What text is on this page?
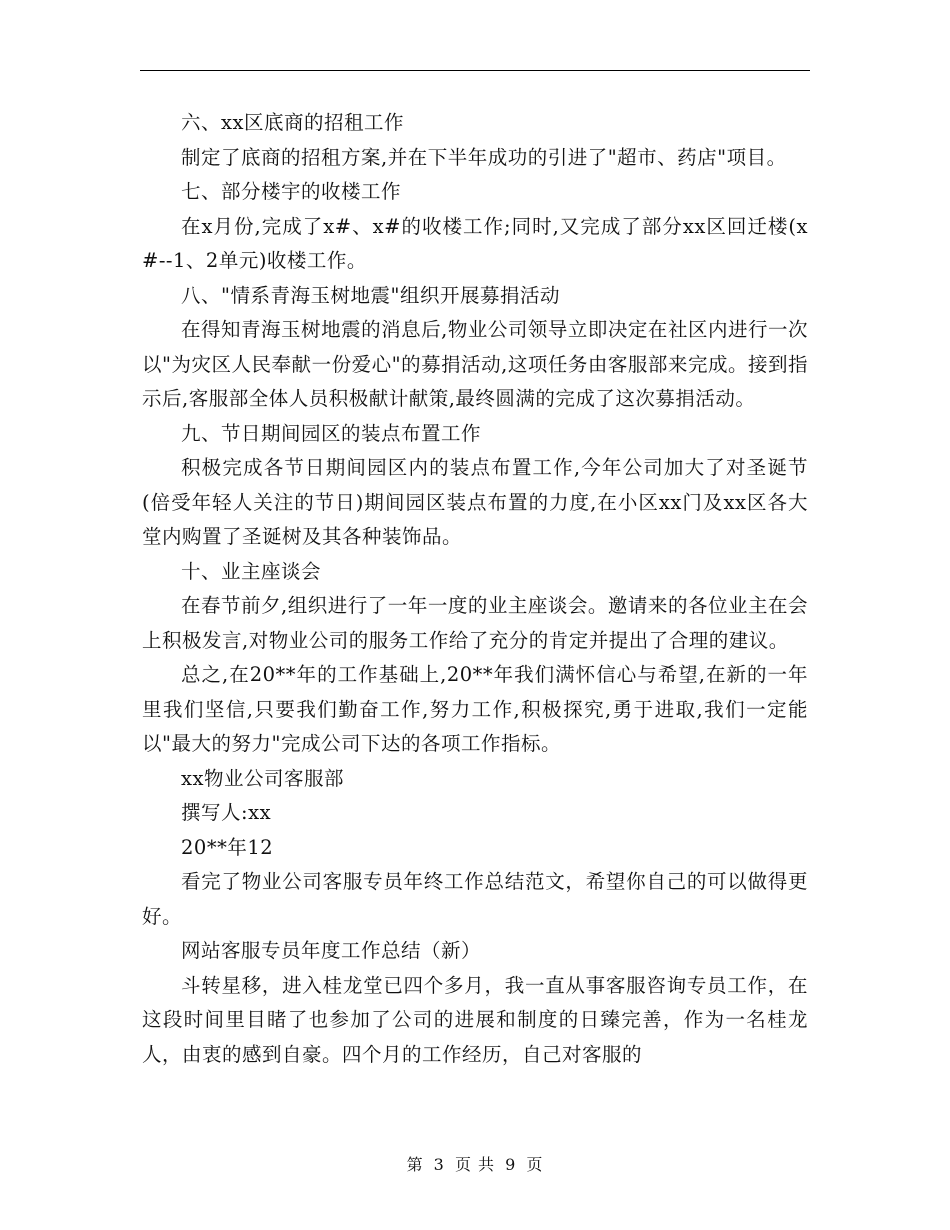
六、xx区底商的招租工作

制定了底商的招租方案,并在下半年成功的引进了"超市、药店"项目。

七、部分楼宇的收楼工作

在x月份,完成了x#、x#的收楼工作;同时,又完成了部分xx区回迁楼(x#--1、2单元)收楼工作。

八、"情系青海玉树地震"组织开展募捐活动

在得知青海玉树地震的消息后,物业公司领导立即决定在社区内进行一次以"为灾区人民奉献一份爱心"的募捐活动,这项任务由客服部来完成。接到指示后,客服部全体人员积极献计献策,最终圆满的完成了这次募捐活动。

九、节日期间园区的装点布置工作

积极完成各节日期间园区内的装点布置工作,今年公司加大了对圣诞节(倍受年轻人关注的节日)期间园区装点布置的力度,在小区xx门及xx区各大堂内购置了圣诞树及其各种装饰品。

十、业主座谈会

在春节前夕,组织进行了一年一度的业主座谈会。邀请来的各位业主在会上积极发言,对物业公司的服务工作给了充分的肯定并提出了合理的建议。

总之,在20**年的工作基础上,20**年我们满怀信心与希望,在新的一年里我们坚信,只要我们勤奋工作,努力工作,积极探究,勇于进取,我们一定能以"最大的努力"完成公司下达的各项工作指标。

xx物业公司客服部

撰写人:xx

20**年12

看完了物业公司客服专员年终工作总结范文，希望你自己的可以做得更好。

网站客服专员年度工作总结（新）

斗转星移，进入桂龙堂已四个多月，我一直从事客服咨询专员工作，在这段时间里目睹了也参加了公司的进展和制度的日臻完善，作为一名桂龙人，由衷的感到自豪。四个月的工作经历，自己对客服的

第 3 页 共 9 页
